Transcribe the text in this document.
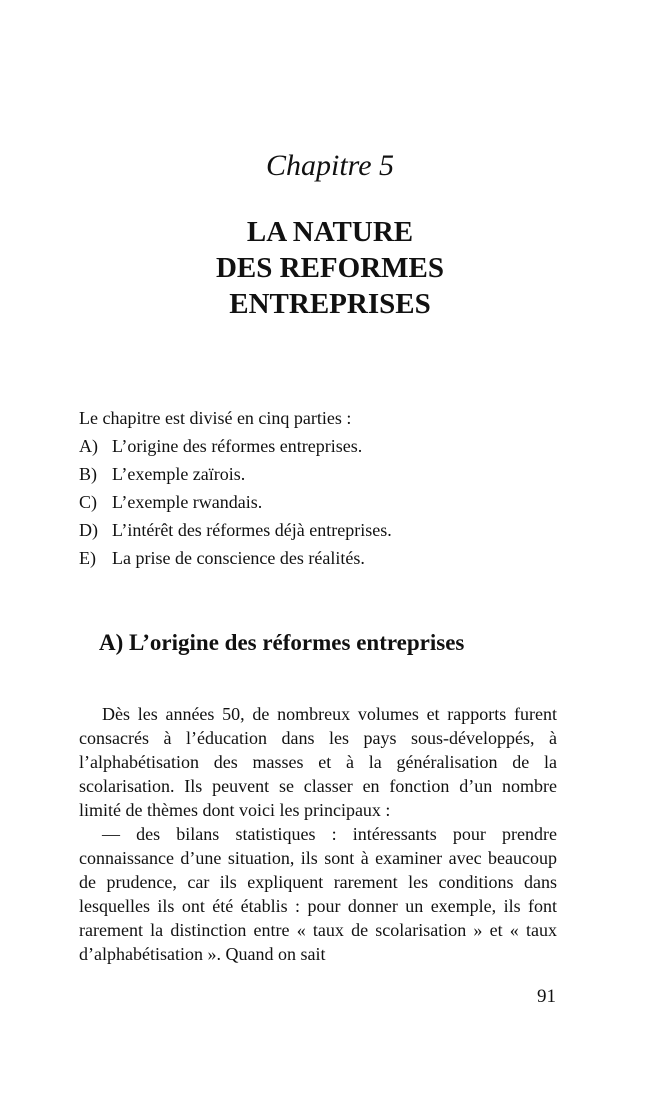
Chapitre 5
LA NATURE
DES REFORMES
ENTREPRISES
Le chapitre est divisé en cinq parties :
A) L’origine des réformes entreprises.
B) L’exemple zaïrois.
C) L’exemple rwandais.
D) L’intérêt des réformes déjà entreprises.
E) La prise de conscience des réalités.
A) L’origine des réformes entreprises

Dès les années 50, de nombreux volumes et rapports furent consacrés à l’éducation dans les pays sous-développés, à l’alphabétisation des masses et à la généralisation de la scolarisation. Ils peuvent se classer en fonction d’un nombre limité de thèmes dont voici les principaux :

— des bilans statistiques : intéressants pour prendre connaissance d’une situation, ils sont à examiner avec beaucoup de prudence, car ils expliquent rarement les conditions dans lesquelles ils ont été établis : pour donner un exemple, ils font rarement la distinction entre « taux de scolarisation » et « taux d’alphabétisation ». Quand on sait

91
